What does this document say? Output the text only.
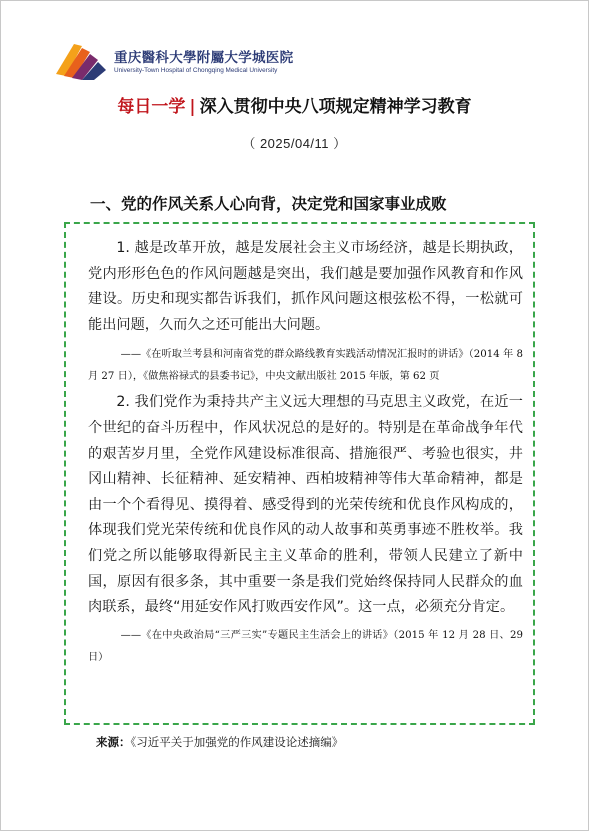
重庆醫科大學附屬大学城医院
University-Town Hospital of Chongqing Medical University
每日一学 | 深入贯彻中央八项规定精神学习教育
（ 2025/04/11 ）
一、党的作风关系人心向背，决定党和国家事业成败

1. 越是改革开放，越是发展社会主义市场经济，越是长期执政，党内形形色色的作风问题越是突出，我们越是要加强作风教育和作风建设。历史和现实都告诉我们，抓作风问题这根弦松不得，一松就可能出问题，久而久之还可能出大问题。

——《在听取兰考县和河南省党的群众路线教育实践活动情况汇报时的讲话》（2014 年 8 月 27 日），《做焦裕禄式的县委书记》，中央文献出版社 2015 年版，第 62 页

2. 我们党作为秉持共产主义远大理想的马克思主义政党，在近一个世纪的奋斗历程中，作风状况总的是好的。特别是在革命战争年代的艰苦岁月里，全党作风建设标准很高、措施很严、考验也很实，井冈山精神、长征精神、延安精神、西柏坡精神等伟大革命精神，都是由一个个看得见、摸得着、感受得到的光荣传统和优良作风构成的，体现我们党光荣传统和优良作风的动人故事和英勇事迹不胜枚举。我们党之所以能够取得新民主主义革命的胜利，带领人民建立了新中国，原因有很多条，其中重要一条是我们党始终保持同人民群众的血肉联系，最终“用延安作风打败西安作风”。这一点，必须充分肯定。

——《在中央政治局“三严三实”专题民主生活会上的讲话》（2015 年 12 月 28 日、29 日）

来源：《习近平关于加强党的作风建设论述摘编》
